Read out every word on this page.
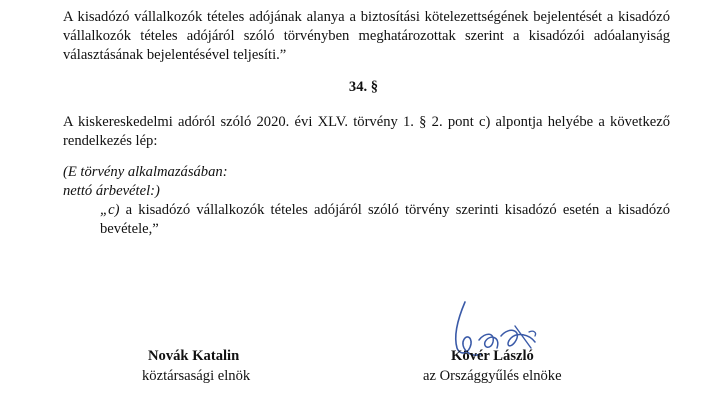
A kisadózó vállalkozók tételes adójának alanya a biztosítási kötelezettségének bejelentését a kisadózó

vállalkozók tételes adójáról szóló törvényben meghatározottak szerint a kisadózói adóalanyiság

választásának bejelentésével teljesíti.”

34. §

A kiskereskedelmi adóról szóló 2020. évi XLV. törvény 1. § 2. pont c) alpontja helyébe a következő

rendelkezés lép:

(E törvény alkalmazásában:

nettó árbevétel:)

„c) a kisadózó vállalkozók tételes adójáról szóló törvény szerinti kisadózó esetén a kisadózó

bevétele,”

Novák Katalin

köztársasági elnök

Kövér László

az Országgyűlés elnöke
